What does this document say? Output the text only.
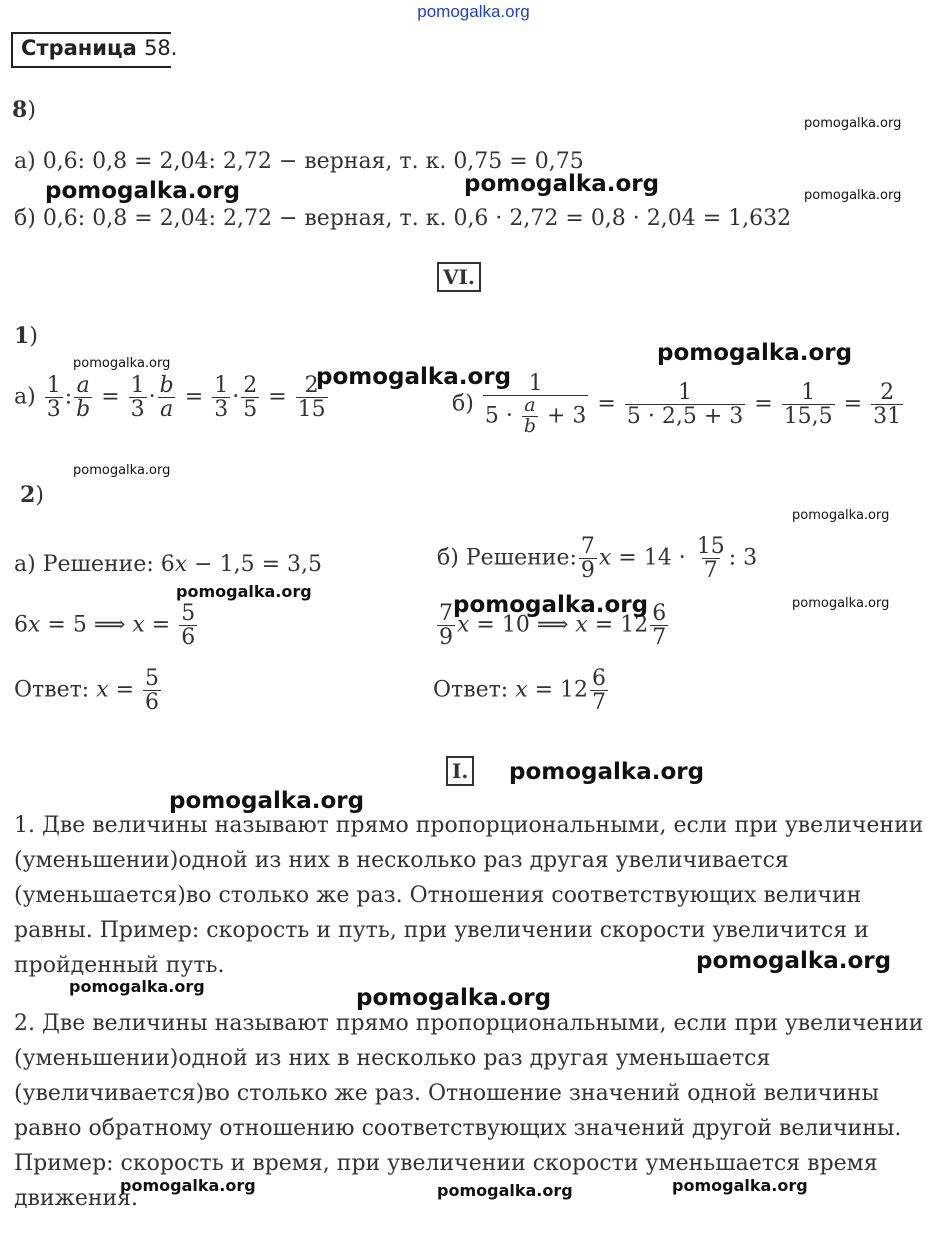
pomogalka.org
Страница 58.
8)
pomogalka.org
а) 0,6: 0,8 = 2,04: 2,72 − верная, т. к. 0,75 = 0,75
pomogalka.org	pomogalka.org	pomogalka.org
б) 0,6: 0,8 = 2,04: 2,72 − верная, т. к. 0,6 · 2,72 = 0,8 · 2,04 = 1,632
VI.
1)
pomogalka.org	pomogalka.org
pomogalka.org
$а) \frac{1}{3}$ : $\frac{a}{b} = \frac{1}{3} \cdot \frac{b}{a} = \frac{1}{3} \cdot \frac{2}{5} = \frac{2}{15}$	$б) \frac{1}{5 \cdot \frac{a}{b} + 3} = \frac{1}{5 \cdot 2,5 + 3} = \frac{1}{15,5} = \frac{2}{31}$
pomogalka.org
2)
pomogalka.org
а) Решение: 6x − 1,5 = 3,5
pomogalka.org
6x = 5 ⟹ $x = \frac{5}{6}$
Ответ: $x = \frac{5}{6}$
б) Решение: $\frac{7}{9}$ $x = 14 \cdot \frac{15}{7}$ : 3
pomogalka.org
$\frac{7}{9}$ x = 10 ⟹ $x = 12 \frac{6}{7}$
pomogalka.org
Ответ: $x = 12 \frac{6}{7}$
I. pomogalka.org
pomogalka.org
1. Две величины называют прямо пропорциональными, если при увеличении (уменьшении)одной из них в несколько раз другая увеличивается (уменьшается)во столько же раз. Отношения соответствующих величин равны. Пример: скорость и путь, при увеличении скорости увеличится и пройденный путь.	pomogalka.org
pomogalka.org	pomogalka.org
2. Две величины называют прямо пропорциональными, если при увеличении (уменьшении)одной из них в несколько раз другая уменьшается (увеличивается)во столько же раз. Отношение значений одной величины равно обратному отношению соответствующих значений другой величины. Пример: скорость и время, при увеличении скорости уменьшается время движения.
pomogalka.org	pomogalka.org	pomogalka.org
